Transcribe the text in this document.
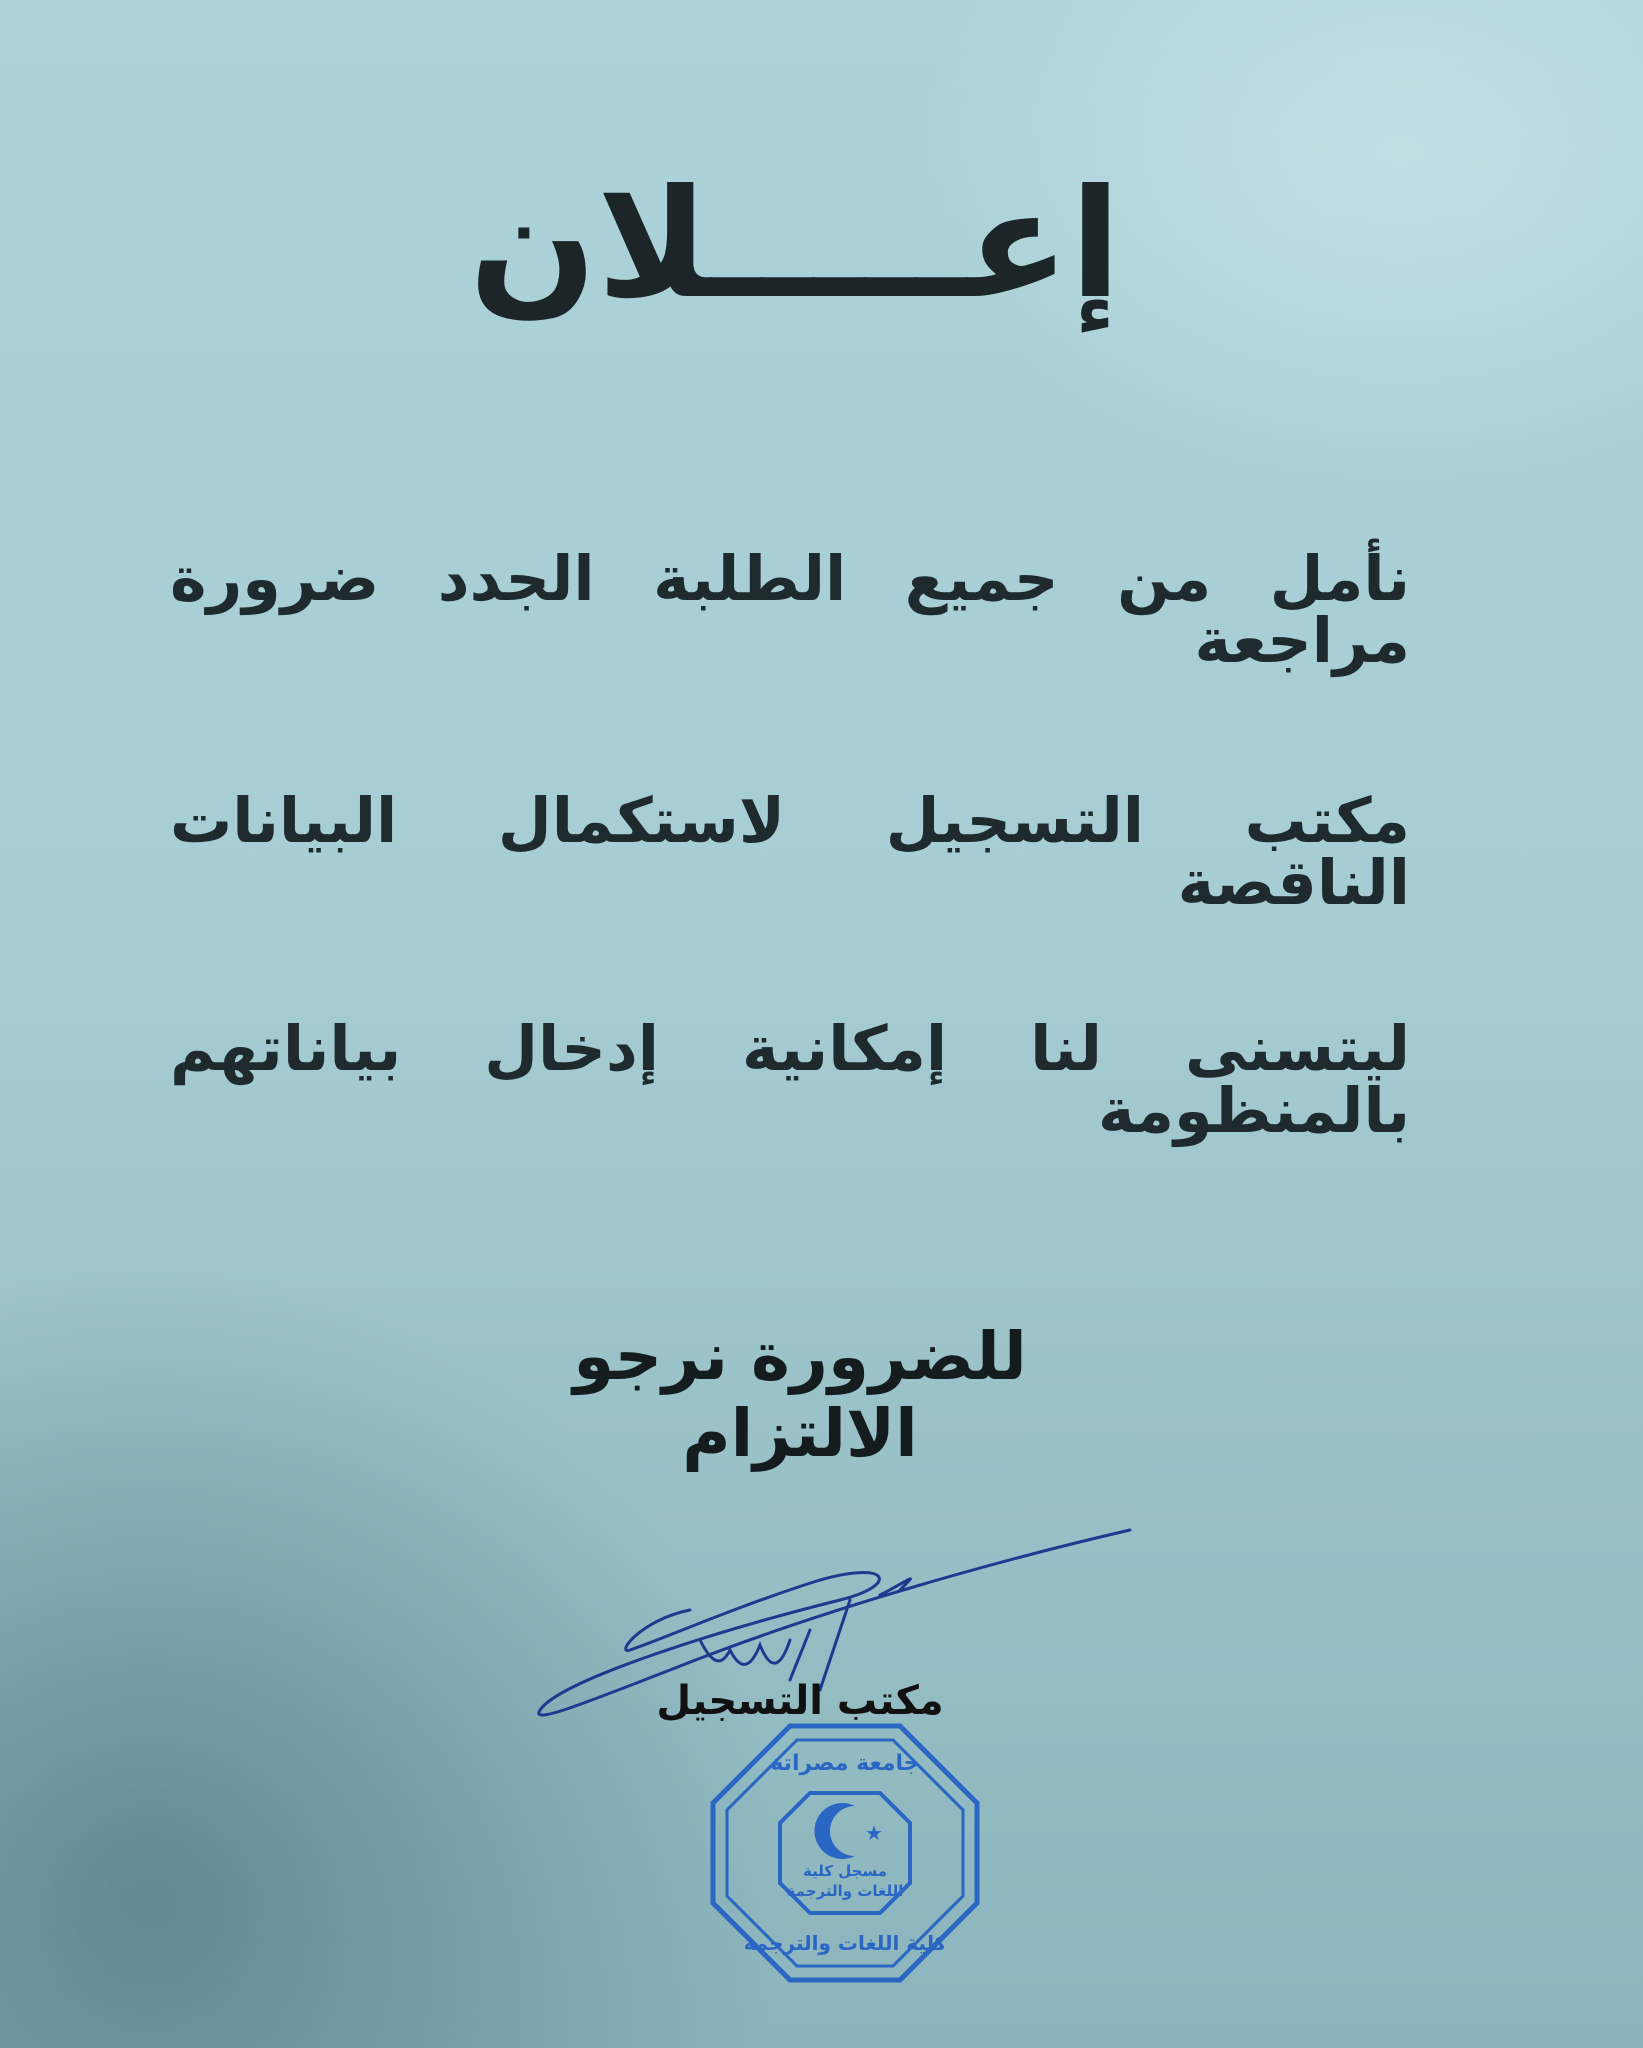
إعـــــلان
نأمل من جميع الطلبة الجدد ضرورة مراجعة
مكتب التسجيل لاستكمال البيانات الناقصة
ليتسنى لنا إمكانية إدخال بياناتهم بالمنظومة
للضرورة نرجو الالتزام
مكتب التسجيل
★
جامعة مصراتة
مسجل كلية
اللغات والترجمة
كلية اللغات والترجمة
